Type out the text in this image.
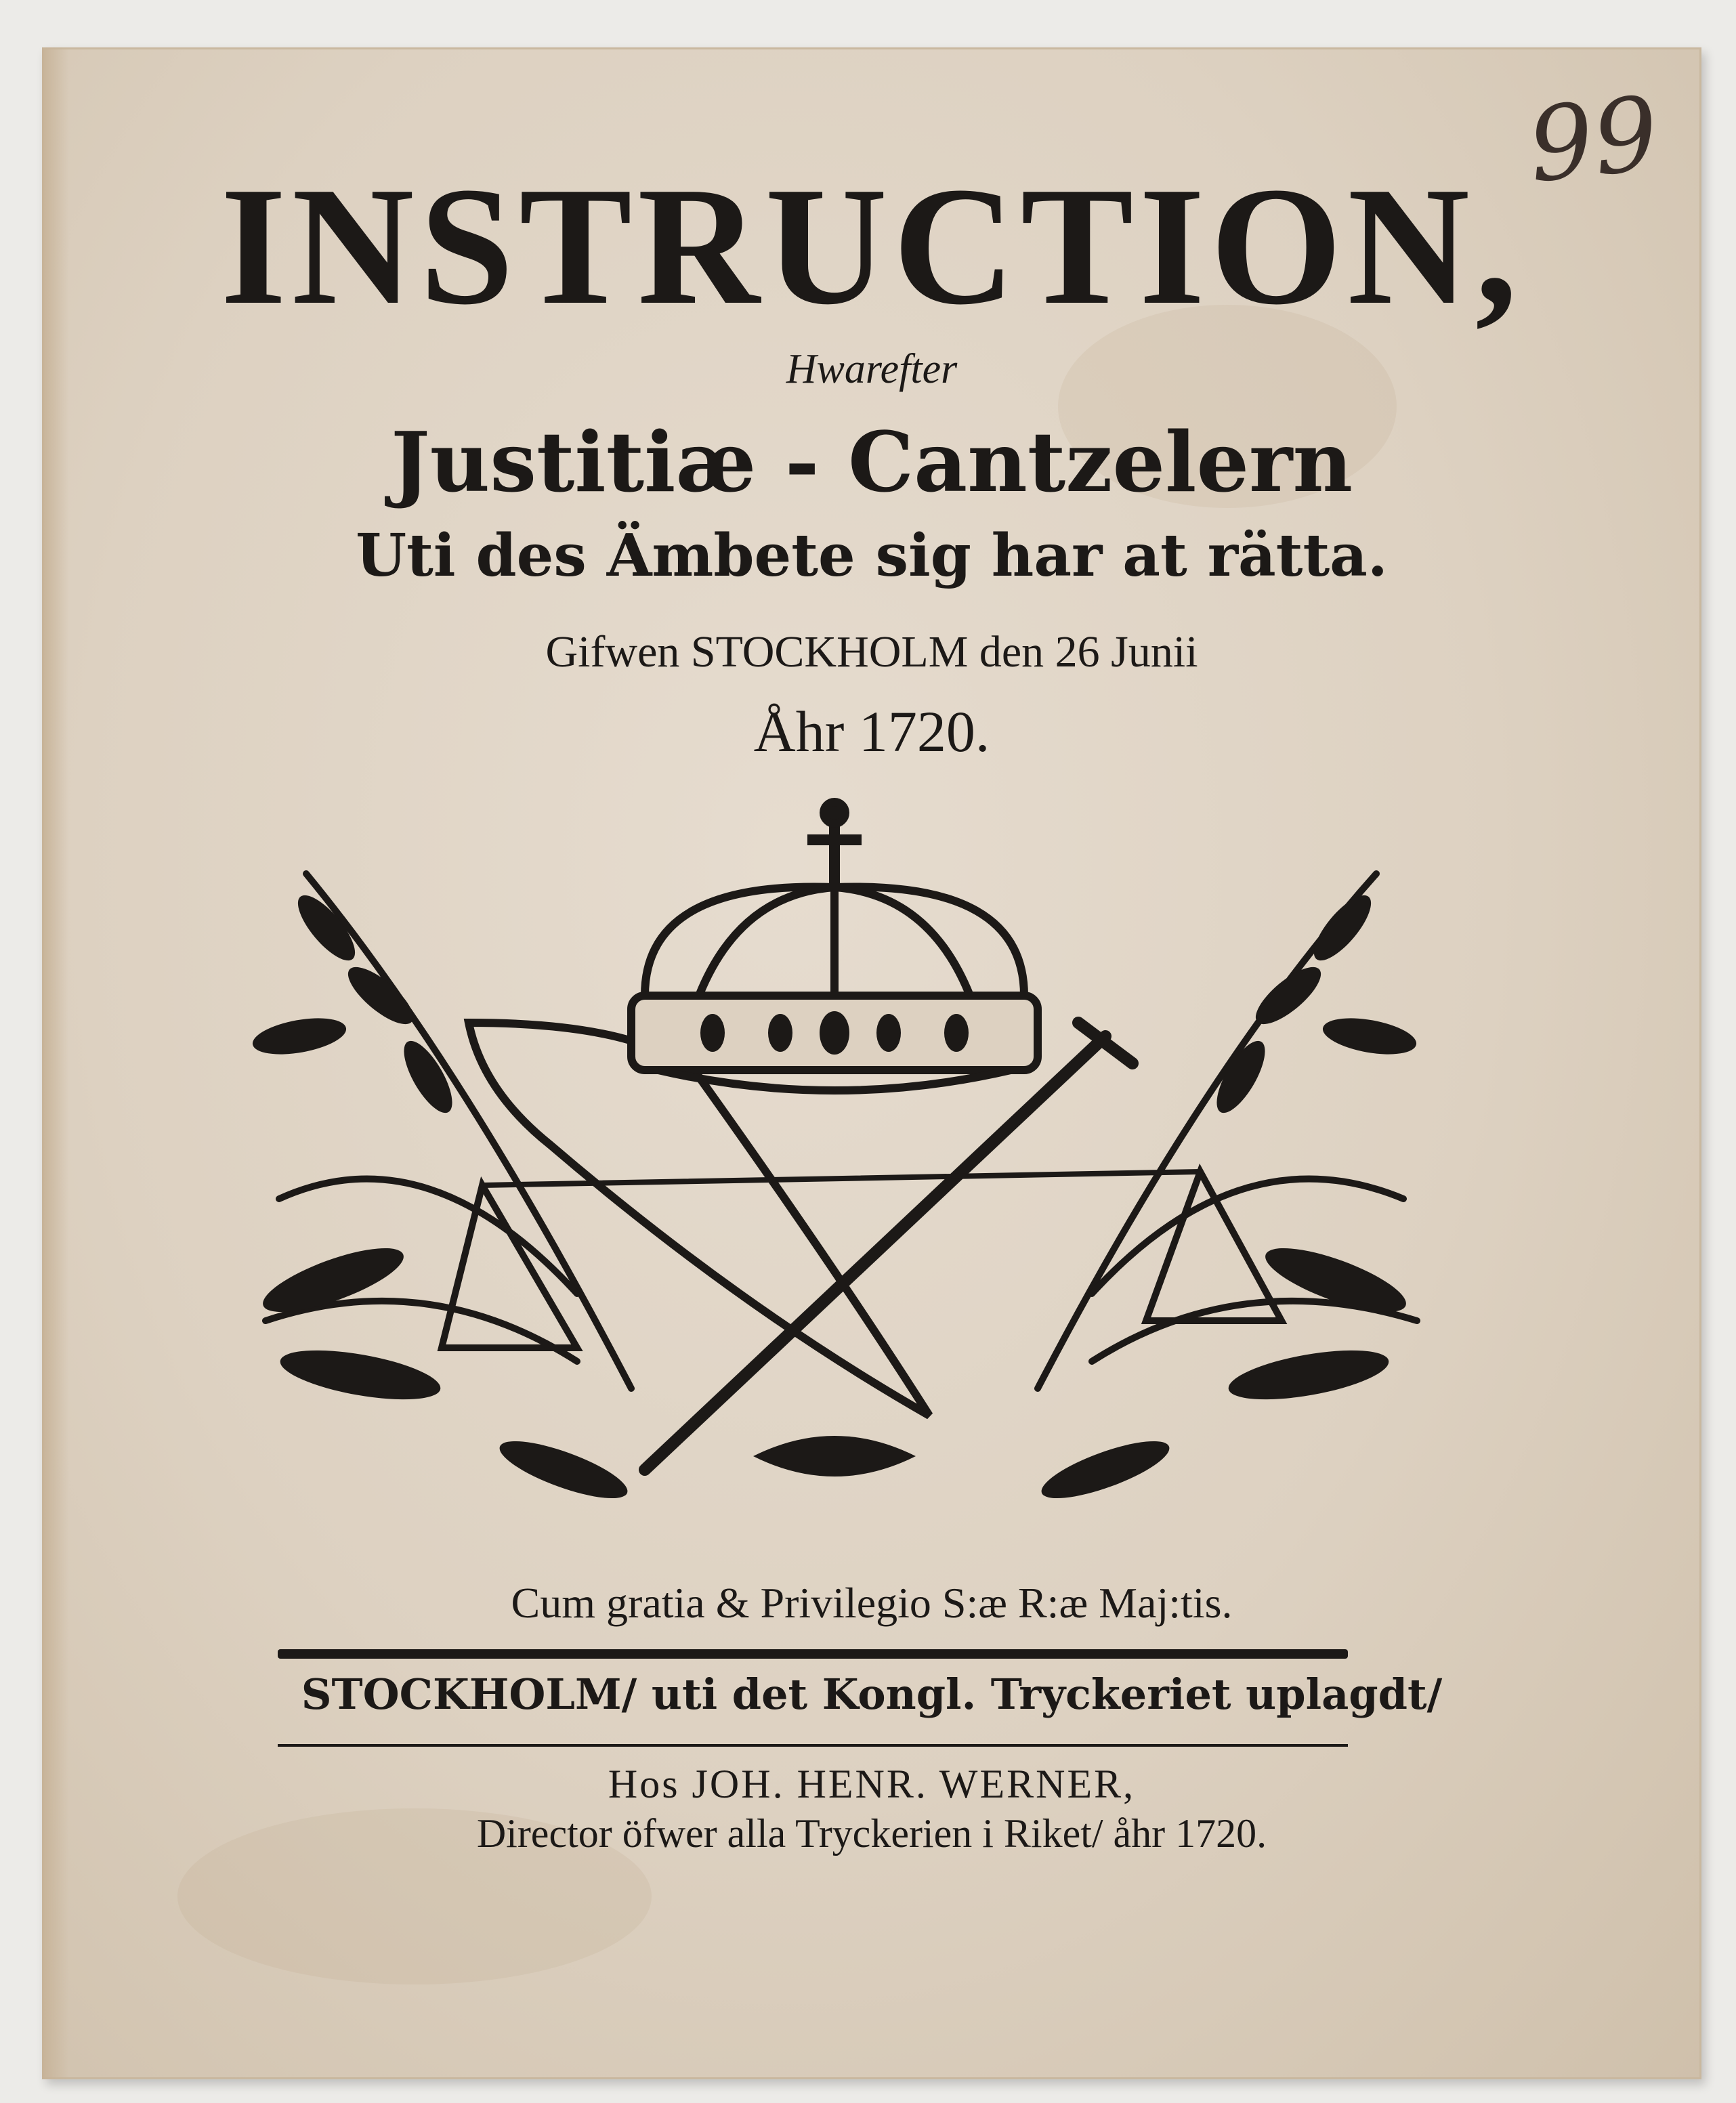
99
INSTRUCTION,
Hwarefter
Justitiæ - Cantzelern
Uti des Ämbete sig har at rätta.
Gifwen STOCKHOLM den 26 Junii
Åhr 1720.
Cum gratia & Privilegio S:æ R:æ Maj:tis.
STOCKHOLM/ uti det Kongl. Tryckeriet uplagdt/
Hos JOH. HENR. WERNER,
Director öfwer alla Tryckerien i Riket/ åhr 1720.
